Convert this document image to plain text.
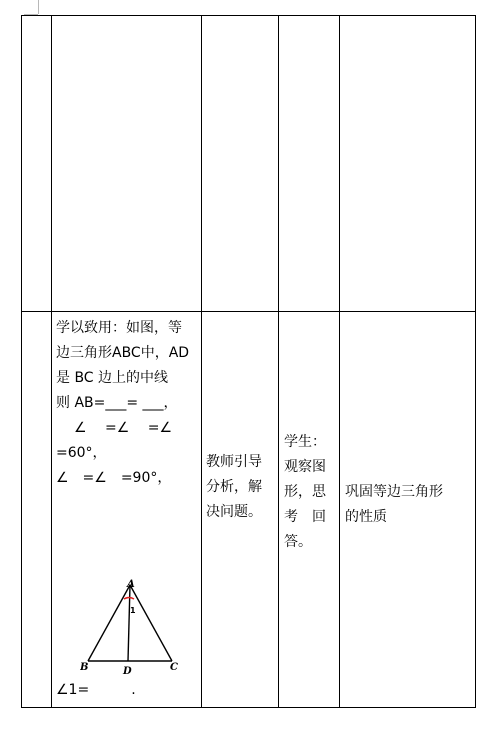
学以致用：如图，等
边三角形ABC中，AD
是 BC 边上的中线
则 AB=___= ___，
∠　 =∠　 =∠
=60°，
∠　=∠　=90°，
A
B	D	C
1
∠1=　　　.
教师引导
分析，解
决问题。
学生：
观察图
形，思
考　回
答。
巩固等边三角形
的性质
